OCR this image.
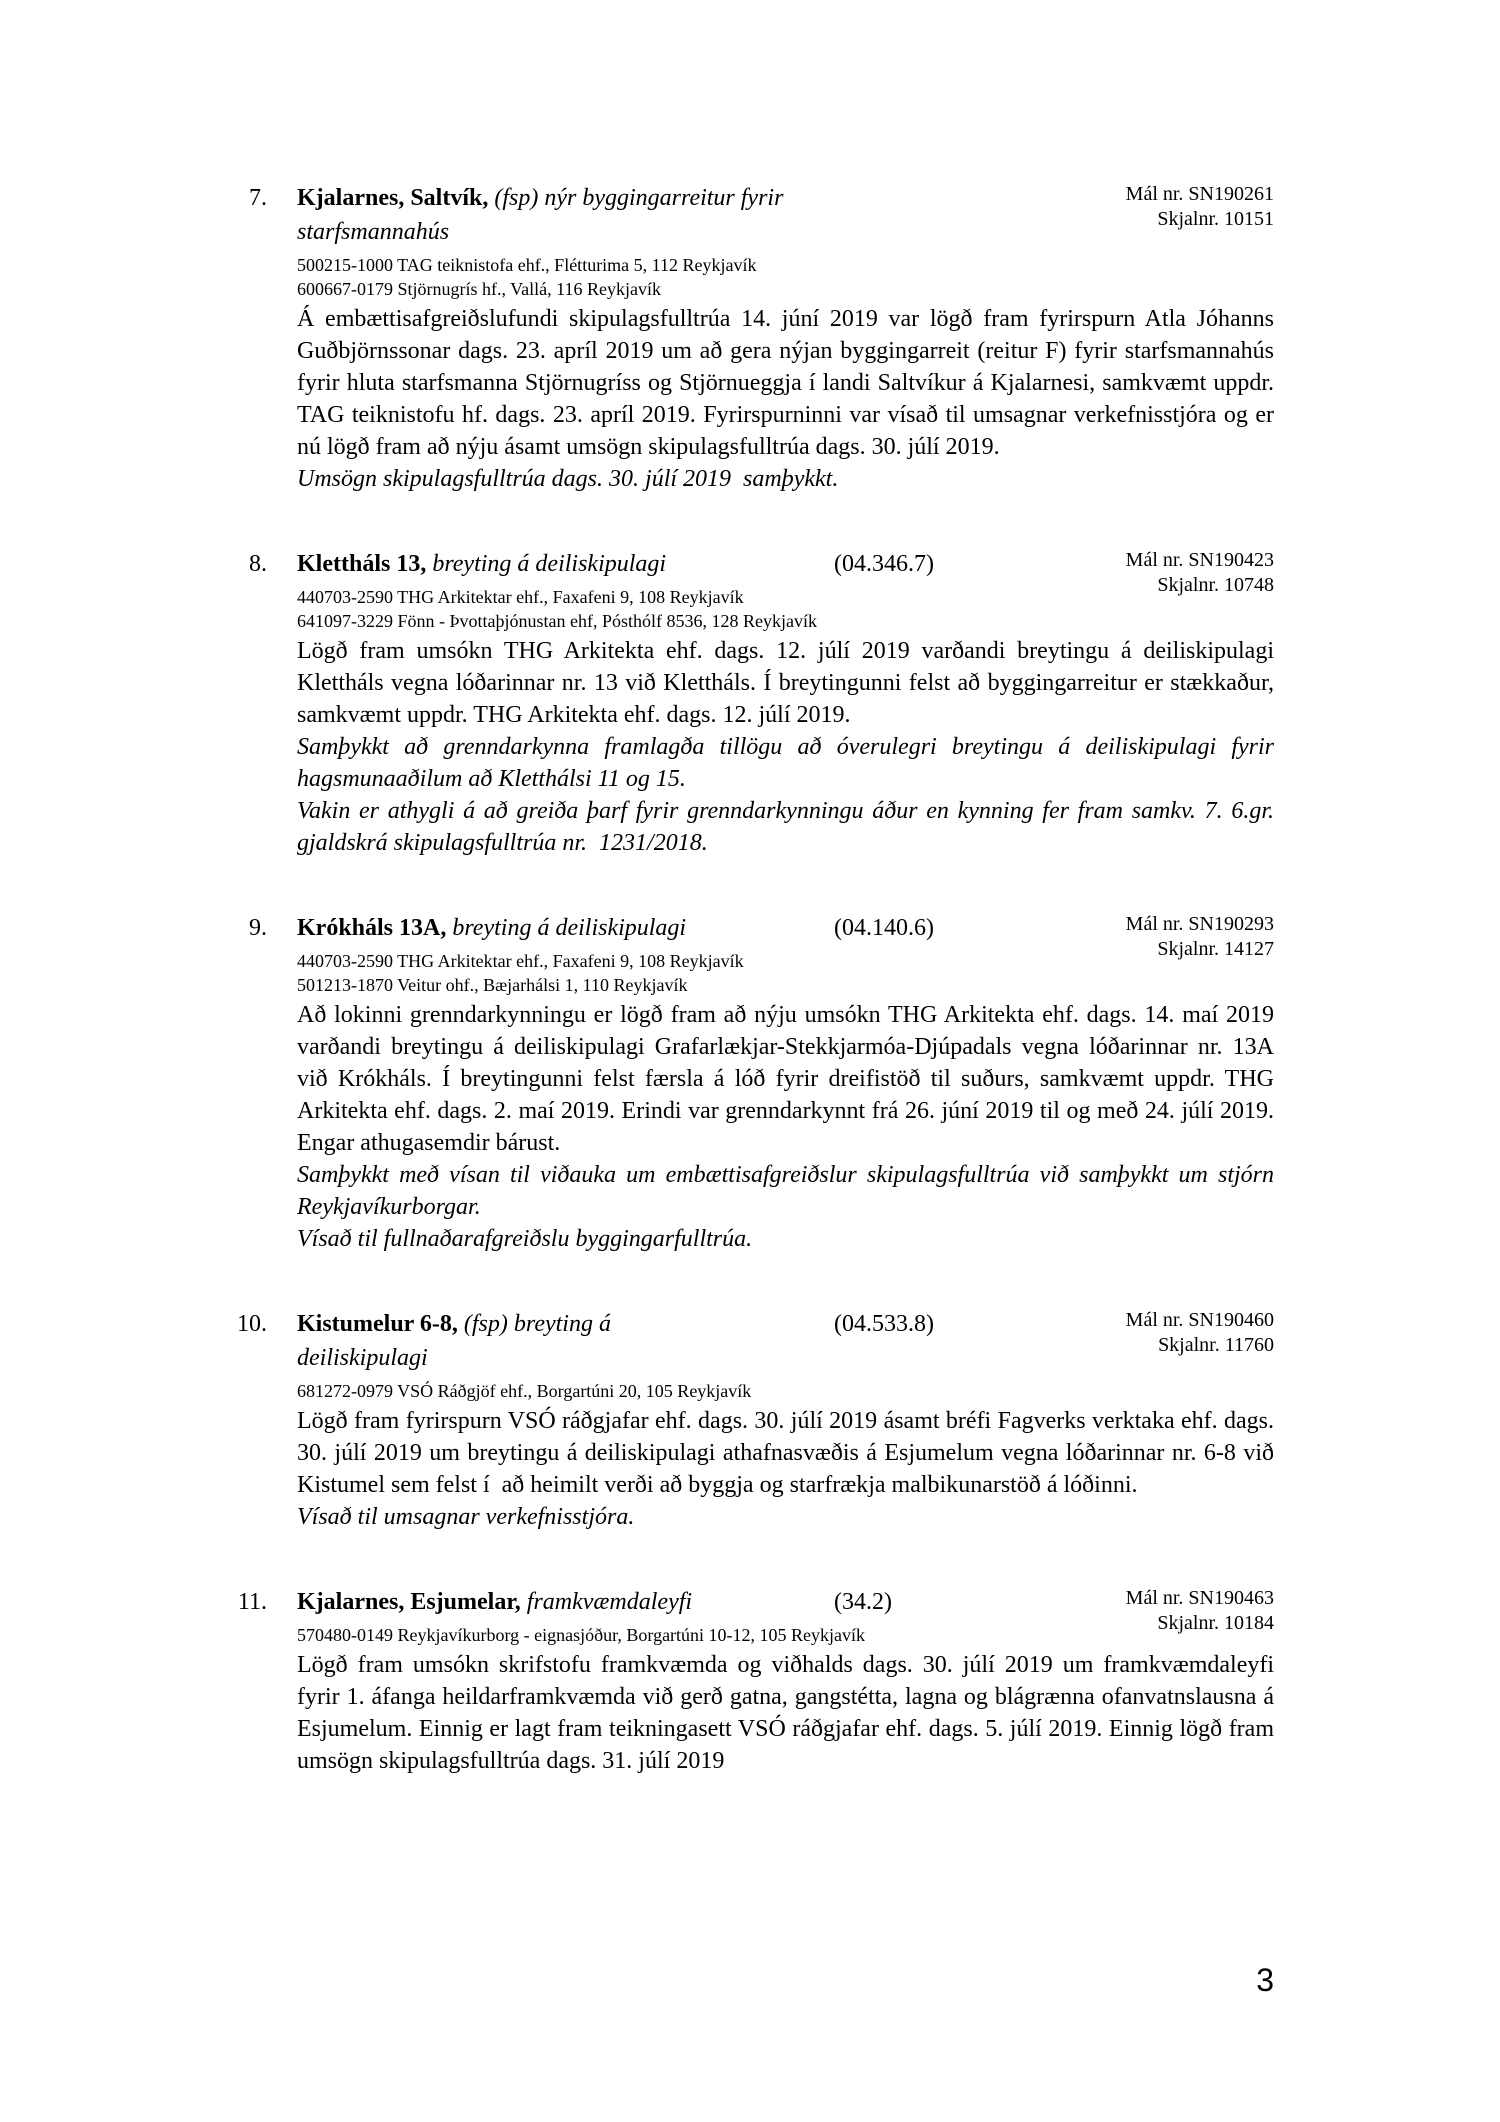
7.	Kjalarnes, Saltvík, (fsp) nýr byggingarreitur fyrir starfsmannahús
Mál nr. SN190261
Skjalnr. 10151
500215-1000 TAG teiknistofa ehf., Flétturima 5, 112 Reykjavík
600667-0179 Stjörnugrís hf., Vallá, 116 Reykjavík
Á embættisafgreiðslufundi skipulagsfulltrúa 14. júní 2019 var lögð fram fyrirspurn Atla Jóhanns Guðbjörnssonar dags. 23. apríl 2019 um að gera nýjan byggingarreit (reitur F) fyrir starfsmannahús fyrir hluta starfsmanna Stjörnugríss og Stjörnueggja í landi Saltvíkur á Kjalarnesi, samkvæmt uppdr. TAG teiknistofu hf. dags. 23. apríl 2019. Fyrirspurninni var vísað til umsagnar verkefnisstjóra og er nú lögð fram að nýju ásamt umsögn skipulagsfulltrúa dags. 30. júlí 2019.
Umsögn skipulagsfulltrúa dags. 30. júlí 2019  samþykkt.
8.	Klettháls 13, breyting á deiliskipulagi	(04.346.7)	Mál nr. SN190423
Skjalnr. 10748
440703-2590 THG Arkitektar ehf., Faxafeni 9, 108 Reykjavík
641097-3229 Fönn - Þvottaþjónustan ehf, Pósthólf 8536, 128 Reykjavík
Lögð fram umsókn THG Arkitekta ehf. dags. 12. júlí 2019 varðandi breytingu á deiliskipulagi Klettháls vegna lóðarinnar nr. 13 við Klettháls. Í breytingunni felst að byggingarreitur er stækkaður, samkvæmt uppdr. THG Arkitekta ehf. dags. 12. júlí 2019.
Samþykkt að grenndarkynna framlagða tillögu að óverulegri breytingu á deiliskipulagi fyrir hagsmunaaðilum að Kletthálsi 11 og 15.
Vakin er athygli á að greiða þarf fyrir grenndarkynningu áður en kynning fer fram samkv. 7. 6.gr. gjaldskrá skipulagsfulltrúa nr.  1231/2018.
9.	Krókháls 13A, breyting á deiliskipulagi	(04.140.6)	Mál nr. SN190293
Skjalnr. 14127
440703-2590 THG Arkitektar ehf., Faxafeni 9, 108 Reykjavík
501213-1870 Veitur ohf., Bæjarhálsi 1, 110 Reykjavík
Að lokinni grenndarkynningu er lögð fram að nýju umsókn THG Arkitekta ehf. dags. 14. maí 2019 varðandi breytingu á deiliskipulagi Grafarlækjar-Stekkjarmóa-Djúpadals vegna lóðarinnar nr. 13A við Krókháls. Í breytingunni felst færsla á lóð fyrir dreifistöð til suðurs, samkvæmt uppdr. THG Arkitekta ehf. dags. 2. maí 2019. Erindi var grenndarkynnt frá 26. júní 2019 til og með 24. júlí 2019. Engar athugasemdir bárust.
Samþykkt með vísan til viðauka um embættisafgreiðslur skipulagsfulltrúa við samþykkt um stjórn Reykjavíkurborgar.
Vísað til fullnaðarafgreiðslu byggingarfulltrúa.
10.	Kistumelur 6-8, (fsp) breyting á deiliskipulagi
(04.533.8)	Mál nr. SN190460
Skjalnr. 11760
681272-0979 VSÓ Ráðgjöf ehf., Borgartúni 20, 105 Reykjavík
Lögð fram fyrirspurn VSÓ ráðgjafar ehf. dags. 30. júlí 2019 ásamt bréfi Fagverks verktaka ehf. dags. 30. júlí 2019 um breytingu á deiliskipulagi athafnasvæðis á Esjumelum vegna lóðarinnar nr. 6-8 við Kistumel sem felst í  að heimilt verði að byggja og starfrækja malbikunarstöð á lóðinni.
Vísað til umsagnar verkefnisstjóra.
11.	Kjalarnes, Esjumelar, framkvæmdaleyfi	(34.2)	Mál nr. SN190463
Skjalnr. 10184
570480-0149 Reykjavíkurborg - eignasjóður, Borgartúni 10-12, 105 Reykjavík
Lögð fram umsókn skrifstofu framkvæmda og viðhalds dags. 30. júlí 2019 um framkvæmdaleyfi fyrir 1. áfanga heildarframkvæmda við gerð gatna, gangstétta, lagna og blágrænna ofanvatnslausna á Esjumelum. Einnig er lagt fram teikningasett VSÓ ráðgjafar ehf. dags. 5. júlí 2019. Einnig lögð fram umsögn skipulagsfulltrúa dags. 31. júlí 2019
3
